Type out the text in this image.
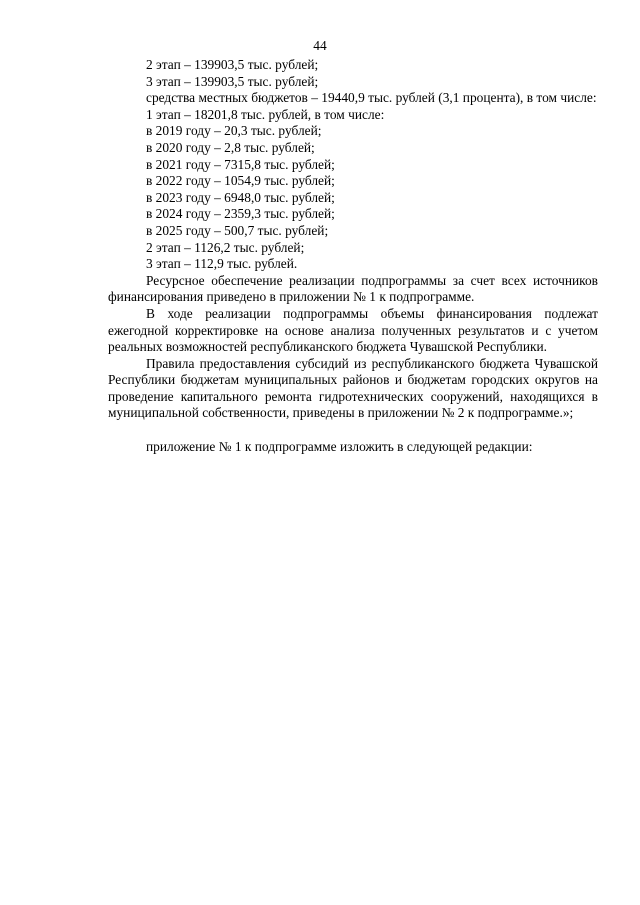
44
2 этап – 139903,5 тыс. рублей;
3 этап – 139903,5 тыс. рублей;
средства местных бюджетов – 19440,9 тыс. рублей (3,1 процента), в том числе:
1 этап – 18201,8 тыс. рублей, в том числе:
в 2019 году – 20,3 тыс. рублей;
в 2020 году – 2,8 тыс. рублей;
в 2021 году – 7315,8 тыс. рублей;
в 2022 году – 1054,9 тыс. рублей;
в 2023 году – 6948,0 тыс. рублей;
в 2024 году – 2359,3 тыс. рублей;
в 2025 году – 500,7 тыс. рублей;
2 этап – 1126,2 тыс. рублей;
3 этап – 112,9 тыс. рублей.
Ресурсное обеспечение реализации подпрограммы за счет всех источников финансирования приведено в приложении № 1 к подпрограмме.
В ходе реализации подпрограммы объемы финансирования подлежат ежегодной корректировке на основе анализа полученных результатов и с учетом реальных возможностей республиканского бюджета Чувашской Республики.
Правила предоставления субсидий из республиканского бюджета Чувашской Республики бюджетам муниципальных районов и бюджетам городских округов на проведение капитального ремонта гидротехнических сооружений, находящихся в муниципальной собственности, приведены в приложении № 2 к подпрограмме.»;
приложение № 1 к подпрограмме изложить в следующей редакции:
